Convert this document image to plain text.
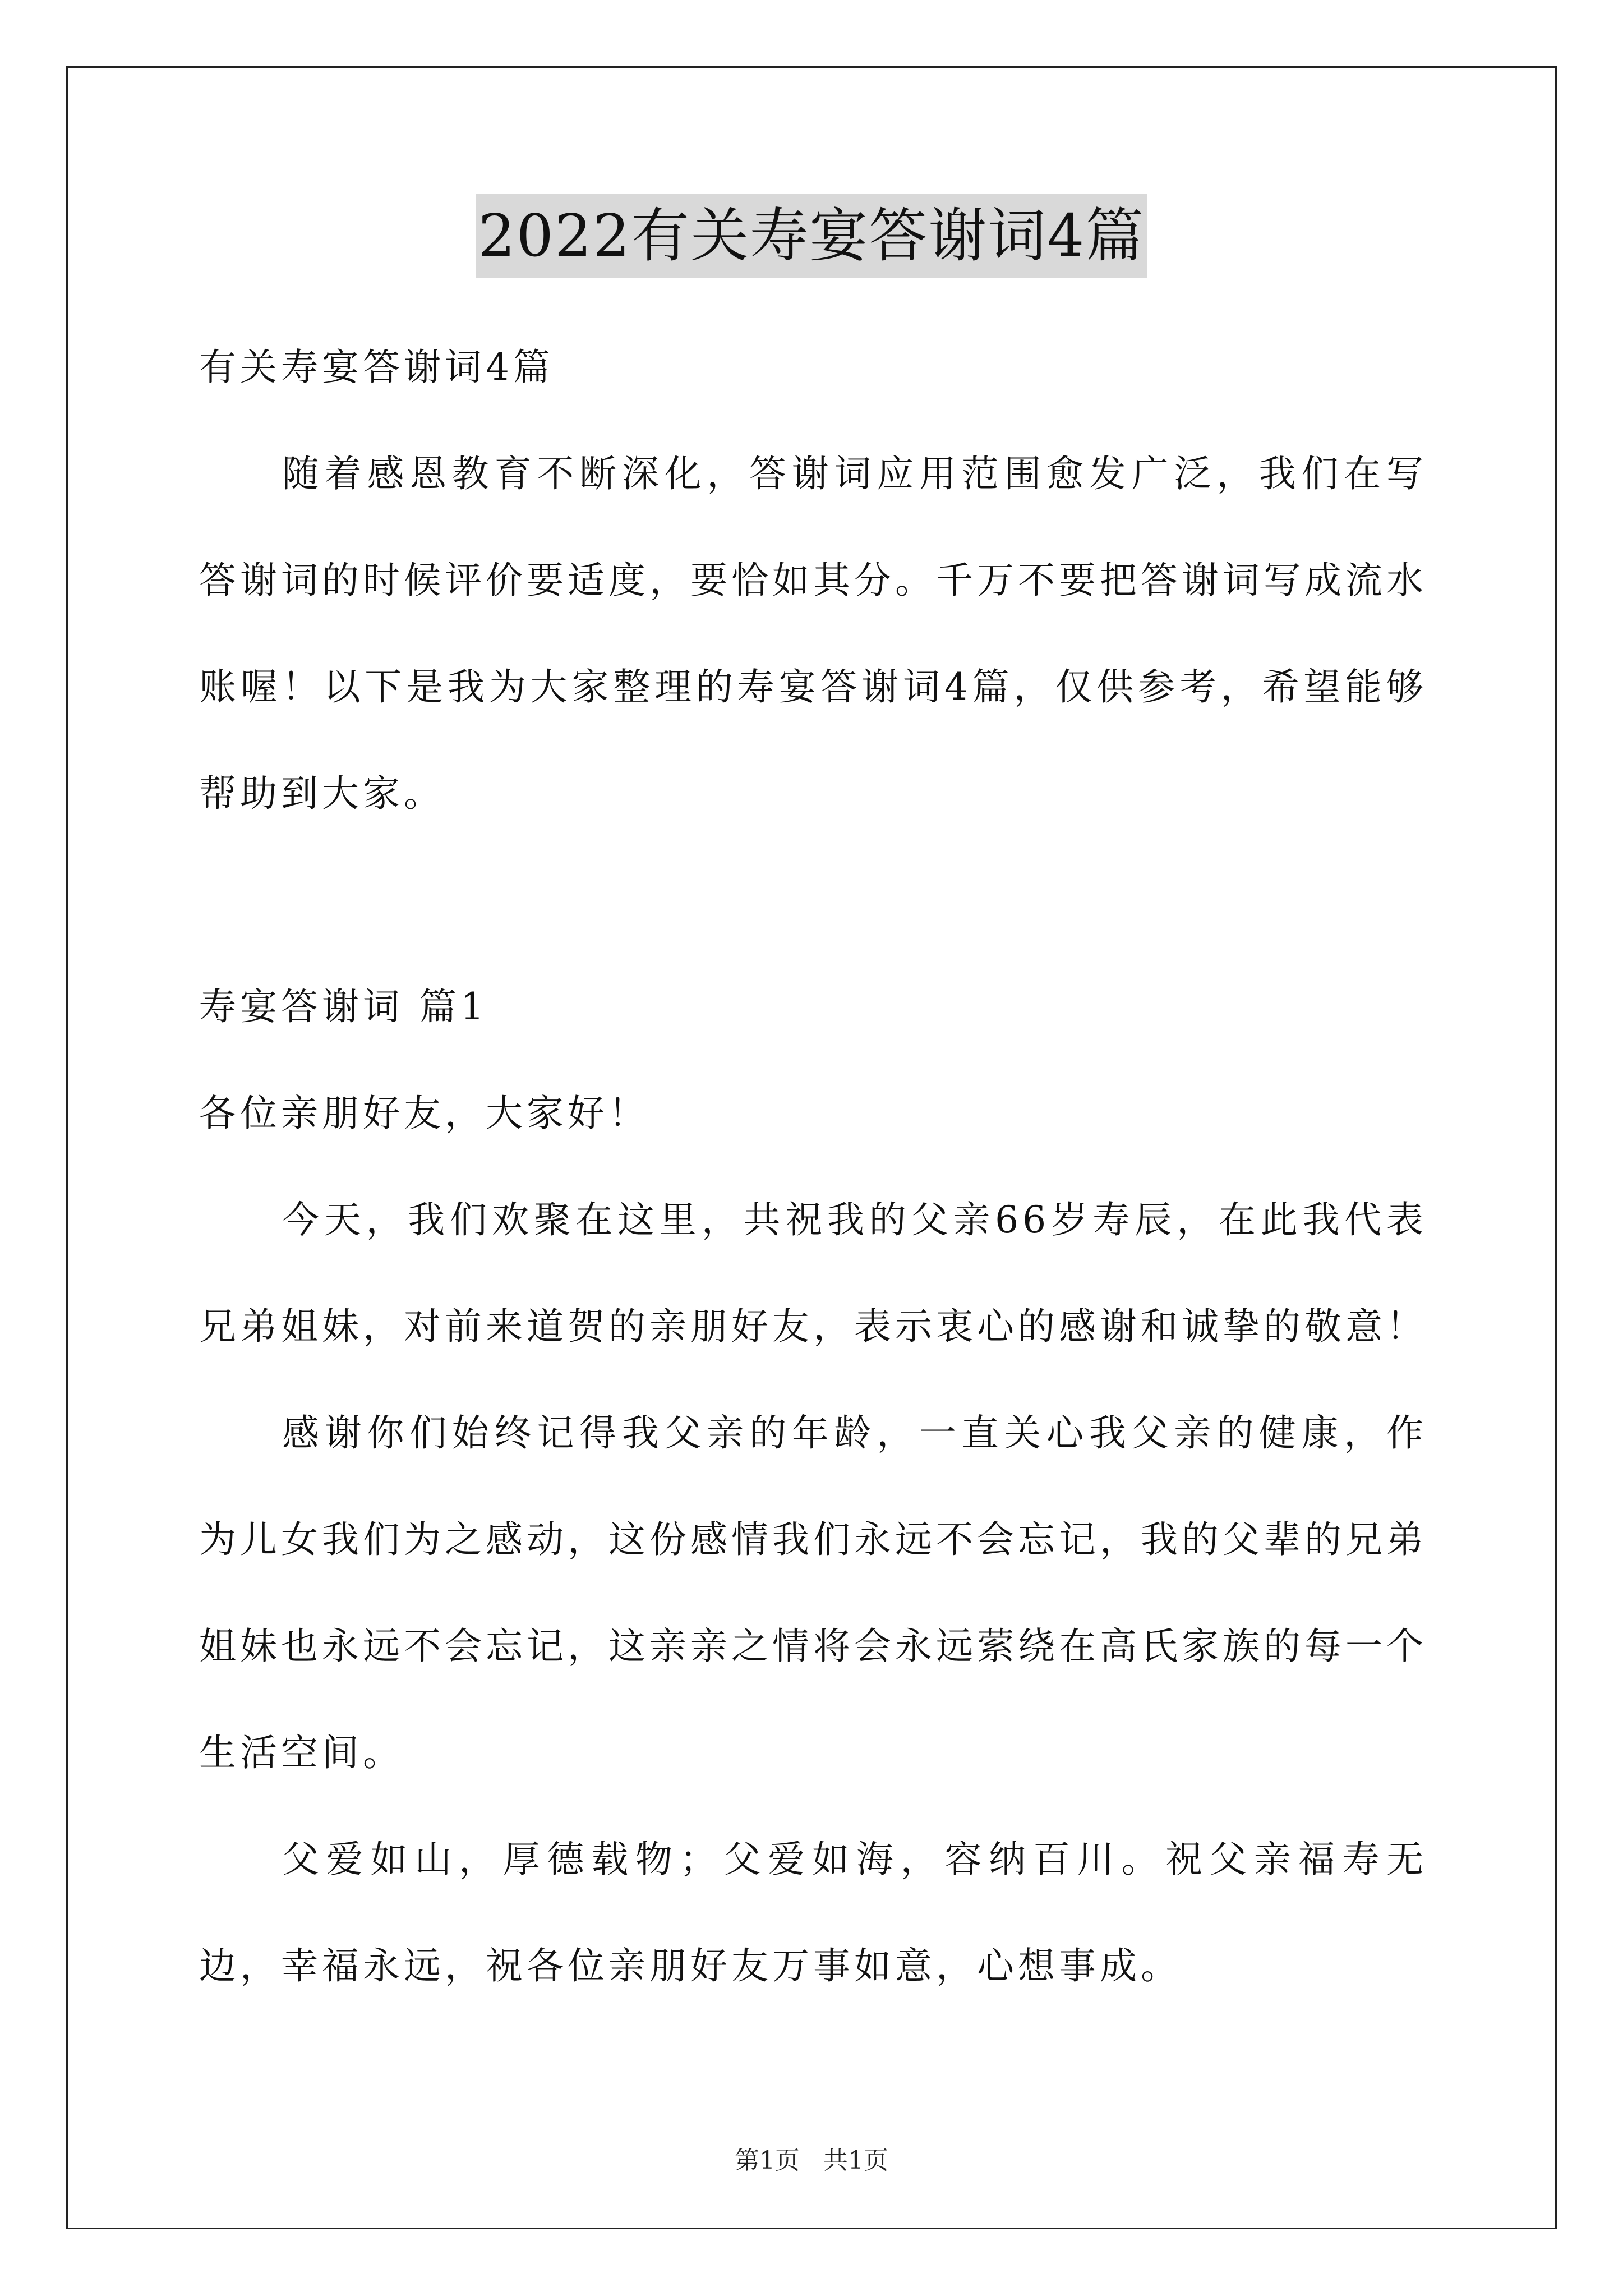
2022有关寿宴答谢词4篇

有关寿宴答谢词4篇

随着感恩教育不断深化，答谢词应用范围愈发广泛，我们在写答谢词的时候评价要适度，要恰如其分。千万不要把答谢词写成流水账喔！以下是我为大家整理的寿宴答谢词4篇，仅供参考，希望能够帮助到大家。

寿宴答谢词 篇1

各位亲朋好友，大家好！

今天，我们欢聚在这里，共祝我的父亲66岁寿辰，在此我代表兄弟姐妹，对前来道贺的亲朋好友，表示衷心的感谢和诚挚的敬意！

感谢你们始终记得我父亲的年龄，一直关心我父亲的健康，作为儿女我们为之感动，这份感情我们永远不会忘记，我的父辈的兄弟姐妹也永远不会忘记，这亲亲之情将会永远萦绕在高氏家族的每一个生活空间。

父爱如山，厚德载物；父爱如海，容纳百川。祝父亲福寿无边，幸福永远，祝各位亲朋好友万事如意，心想事成。

第1页 共1页
